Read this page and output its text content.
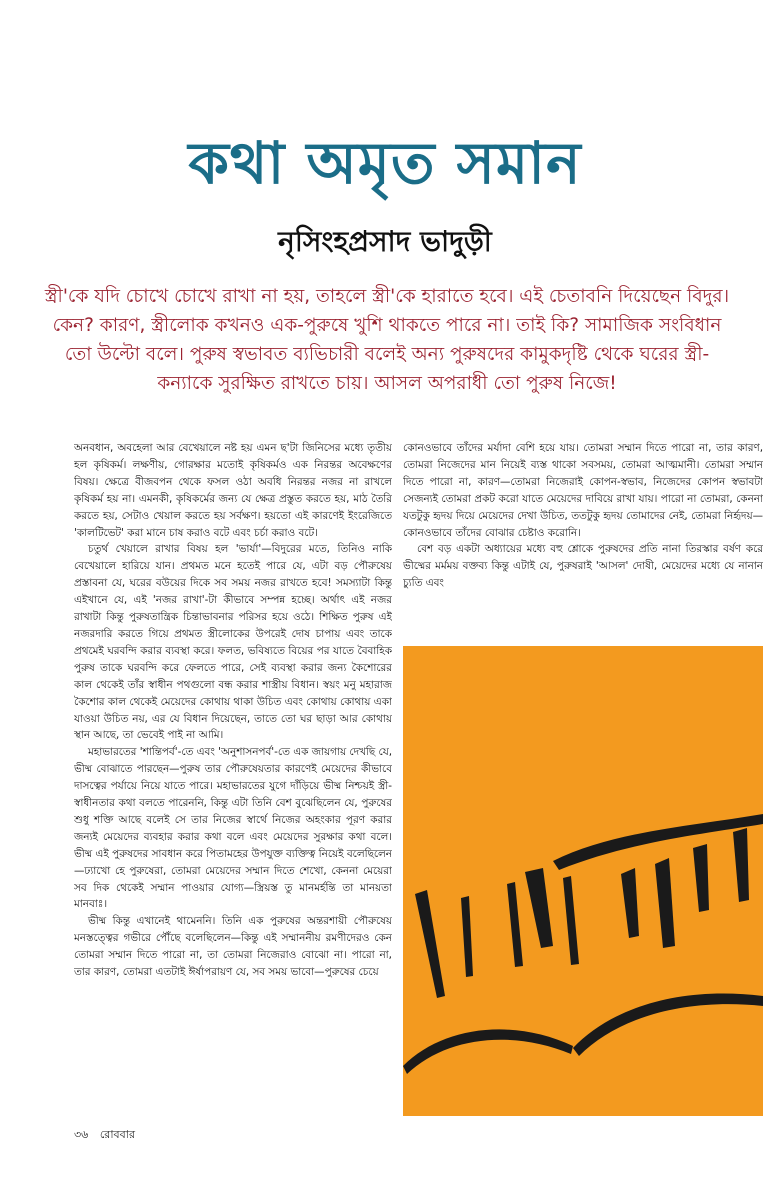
কথা অমৃত সমান
নৃসিংহপ্রসাদ ভাদুড়ী

স্ত্রী'কে যদি চোখে চোখে রাখা না হয়, তাহলে স্ত্রী'কে হারাতে হবে। এই চেতাবনি দিয়েছেন বিদুর। কেন? কারণ, স্ত্রীলোক কখনও এক-পুরুষে খুশি থাকতে পারে না। তাই কি? সামাজিক সংবিধান তো উল্টো বলে। পুরুষ স্বভাবত ব্যভিচারী বলেই অন্য পুরুষদের কামুকদৃষ্টি থেকে ঘরের স্ত্রী-কন্যাকে সুরক্ষিত রাখতে চায়। আসল অপরাধী তো পুরুষ নিজে!

অনবধান, অবহেলা আর বেখেয়ালে নষ্ট হয় এমন ছ'টা জিনিসের মধ্যে তৃতীয় হল কৃষিকর্ম। লক্ষণীয়, গোরক্ষার মতোই কৃষিকর্মও এক নিরন্তর অবেক্ষণের বিষয়। ক্ষেত্রে বীজবপন থেকে ফসল ওঠা অবধি নিরন্তর নজর না রাখলে কৃষিকর্ম হয় না। এমনকী, কৃষিকর্মের জন্য যে ক্ষেত্র প্রস্তুত করতে হয়, মাঠ তৈরি করতে হয়, সেটাও খেয়াল করতে হয় সর্বক্ষণ। হয়তো এই কারণেই ইংরেজিতে 'কালটিভেট' করা মানে চাষ করাও বটে এবং চর্চা করাও বটে।

চতুর্থ খেয়ালে রাখার বিষয় হল 'ভার্যা'—বিদুরের মতে, তিনিও নাকি বেখেয়ালে হারিয়ে যান। প্রথমত মনে হতেই পারে যে, এটা বড় পৌরুষেয় প্রস্তাবনা যে, ঘরের বউয়ের দিকে সব সময় নজর রাখতে হবে! সমস্যাটা কিন্তু এইখানে যে, এই 'নজর রাখা'-টা কীভাবে সম্পন্ন হচ্ছে। অর্থাৎ এই নজর রাখাটা কিন্তু পুরুষতান্ত্রিক চিন্তাভাবনার পরিসর হয়ে ওঠে। শিক্ষিত পুরুষ এই নজরদারি করতে গিয়ে প্রথমত স্ত্রীলোকের উপরেই দোষ চাপায় এবং তাকে প্রথমেই ঘরবন্দি করার ব্যবস্থা করে। ফলত, ভবিষ্যতে বিয়ের পর যাতে বৈবাহিক পুরুষ তাকে ঘরবন্দি করে ফেলতে পারে, সেই ব্যবস্থা করার জন্য কৈশোরের কাল থেকেই তাঁর স্বাধীন পথগুলো বন্ধ করার শাস্ত্রীয় বিধান। স্বয়ং মনু মহারাজ কৈশোর কাল থেকেই মেয়েদের কোথায় থাকা উচিত এবং কোথায় কোথায় একা যাওয়া উচিত নয়, এর যে বিধান দিয়েছেন, তাতে তো ঘর ছাড়া আর কোথায় স্থান আছে, তা ভেবেই পাই না আমি।

মহাভারতের 'শান্তিপর্ব'-তে এবং 'অনুশাসনপর্ব'-তে এক জায়গায় দেখছি যে, ভীষ্ম বোঝাতে পারছেন—পুরুষ তার পৌরুষেয়তার কারণেই মেয়েদের কীভাবে দাসত্বের পর্যায়ে নিয়ে যাতে পারে। মহাভারতের যুগে দাঁড়িয়ে ভীষ্ম নিশ্চয়ই স্ত্রী-স্বাধীনতার কথা বলতে পারেননি, কিন্তু এটা তিনি বেশ বুঝেছিলেন যে, পুরুষের শুধু শক্তি আছে বলেই সে তার নিজের স্বার্থে নিজের অহংকার পূরণ করার জন্যই মেয়েদের ব্যবহার করার কথা বলে এবং মেয়েদের সুরক্ষার কথা বলে। ভীষ্ম এই পুরুষদের সাবধান করে পিতামহের উপযুক্ত ব্যক্তিত্ব নিয়েই বলেছিলেন—ঢ্যাখো হে পুরুষেরা, তোমরা মেয়েদের সম্মান দিতে শেখো, কেননা মেয়েরা সব দিক থেকেই সম্মান পাওয়ার যোগ্য—স্ত্রিয়স্ত তু মানমর্হন্তি তা মানয়তা মানবাঃ।

ভীষ্ম কিন্তু এখানেই থামেননি। তিনি এক পুরুষের অন্তরশায়ী পৌরুষেয় মনস্তত্ত্বের গভীরে পৌঁছে বলেছিলেন—কিন্তু এই সম্মাননীয় রমণীদেরও কেন তোমরা সম্মান দিতে পারো না, তা তোমরা নিজেরাও বোঝো না। পারো না, তার কারণ, তোমরা এতটাই ঈর্ষাপরায়ণ যে, সব সময় ভাবো—পুরুষের চেয়ে

কোনওভাবে তাঁদের মর্যাদা বেশি হয়ে যায়। তোমরা সম্মান দিতে পারো না, তার কারণ, তোমরা নিজেদের মান নিয়েই ব্যস্ত থাকো সবসময়, তোমরা আত্মমানী। তোমরা সম্মান দিতে পারো না, কারণ—তোমরা নিজেরাই কোপন-স্বভাব, নিজেদের কোপন স্বভাবটা সেজন্যই তোমরা প্রকট করো যাতে মেয়েদের দাবিয়ে রাখা যায়। পারো না তোমরা, কেননা যতটুকু হৃদয় দিয়ে মেয়েদের দেখা উচিত, ততটুকু হৃদয় তোমাদের নেই, তোমরা নির্হৃদয়—কোনওভাবে তাঁদের বোঝার চেষ্টাও করোনি।

বেশ বড় একটা অধ্যায়ের মধ্যে বহু শ্লোকে পুরুষদের প্রতি নানা তিরস্কার বর্ষণ করে ভীষ্মের মর্মময় বক্তব্য কিন্তু এটাই যে, পুরুষরাই 'আসল' দোষী, মেয়েদের মধ্যে যে নানান চ্যুতি এবং

৩৬ রোববার
